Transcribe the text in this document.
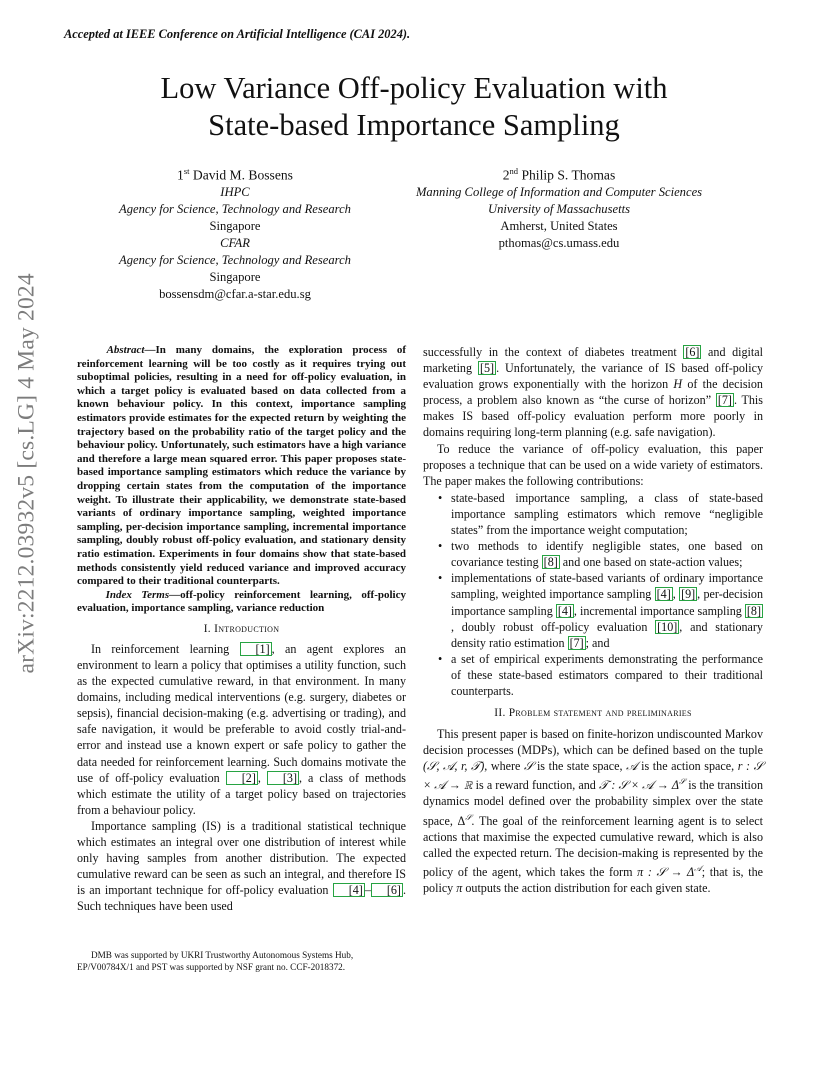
Accepted at IEEE Conference on Artificial Intelligence (CAI 2024).
Low Variance Off-policy Evaluation with
State-based Importance Sampling
1st David M. Bossens
IHPC
Agency for Science, Technology and Research
Singapore
CFAR
Agency for Science, Technology and Research
Singapore
bossensdm@cfar.a-star.edu.sg
2nd Philip S. Thomas
Manning College of Information and Computer Sciences
University of Massachusetts
Amherst, United States
pthomas@cs.umass.edu
arXiv:2212.03932v5 [cs.LG] 4 May 2024	Abstract—In many domains, the exploration process of reinforcement learning will be too costly as it requires trying out suboptimal policies, resulting in a need for off-policy evaluation, in which a target policy is evaluated based on data collected from a known behaviour policy. In this context, importance sampling estimators provide estimates for the expected return by weighting the trajectory based on the probability ratio of the target policy and the behaviour policy. Unfortunately, such estimators have a high variance and therefore a large mean squared error. This paper proposes state-based importance sampling estimators which reduce the variance by dropping certain states from the computation of the importance weight. To illustrate their applicability, we demonstrate state-based variants of ordinary importance sampling, weighted importance sampling, per-decision importance sampling, incremental importance sampling, doubly robust off-policy evaluation, and stationary density ratio estimation. Experiments in four domains show that state-based methods consistently yield reduced variance and improved accuracy compared to their traditional counterparts.

Index Terms—off-policy reinforcement learning, off-policy evaluation, importance sampling, variance reduction

I. Introduction

In reinforcement learning [1] , an agent explores an environment to learn a policy that optimises a utility function, such as the expected cumulative reward, in that environment. In many domains, including medical interventions (e.g. surgery, diabetes or sepsis), financial decision-making (e.g. advertising or trading), and safe navigation, it would be preferable to avoid costly trial-and-error and instead use a known expert or safe policy to gather the data needed for reinforcement learning. Such domains motivate the use of off-policy evaluation [2] , [3] , a class of methods which estimate the utility of a target policy based on trajectories from a behaviour policy.

Importance sampling (IS) is a traditional statistical technique which estimates an integral over one distribution of interest while only having samples from another distribution. The expected cumulative reward can be seen as such an integral, and therefore IS is an important technique for off-policy evaluation [4] – [6] . Such techniques have been used

DMB was supported by UKRI Trustworthy Autonomous Systems Hub, EP/V00784X/1 and PST was supported by NSF grant no. CCF-2018372.

successfully in the context of diabetes treatment [6] and digital marketing [5] . Unfortunately, the variance of IS based off-policy evaluation grows exponentially with the horizon H of the decision process, a problem also known as “the curse of horizon” [7] . This makes IS based off-policy evaluation perform more poorly in domains requiring long-term planning (e.g. safe navigation).

To reduce the variance of off-policy evaluation, this paper proposes a technique that can be used on a wide variety of estimators. The paper makes the following contributions:

• state-based importance sampling, a class of state-based importance sampling estimators which remove “negligible states” from the importance weight computation;
• two methods to identify negligible states, one based on covariance testing [8] and one based on state-action values;
• implementations of state-based variants of ordinary importance sampling, weighted importance sampling [4] , [9] , per-decision importance sampling [4] , incremental importance sampling [8], doubly robust off-policy evaluation [10] , and stationary density ratio estimation [7] ; and
• a set of empirical experiments demonstrating the performance of these state-based estimators compared to their traditional counterparts.
II. Problem statement and preliminaries

This present paper is based on finite-horizon undiscounted Markov decision processes (MDPs), which can be defined based on the tuple (𝒮, 𝒜, r, 𝒯), where 𝒮 is the state space, 𝒜 is the action space, r : 𝒮 × 𝒜 → ℝ is a reward function, and 𝒯 : 𝒮 × 𝒜 → $\Delta^𝒮$ is the transition dynamics model defined over the probability simplex over the state space, $\Delta^𝒮$. The goal of the reinforcement learning agent is to select actions that maximise the expected cumulative reward, which is also called the expected return. The decision-making is represented by the policy of the agent, which takes the form π : 𝒮 → $\Delta^𝒜$; that is, the policy π outputs the action distribution for each given state.
